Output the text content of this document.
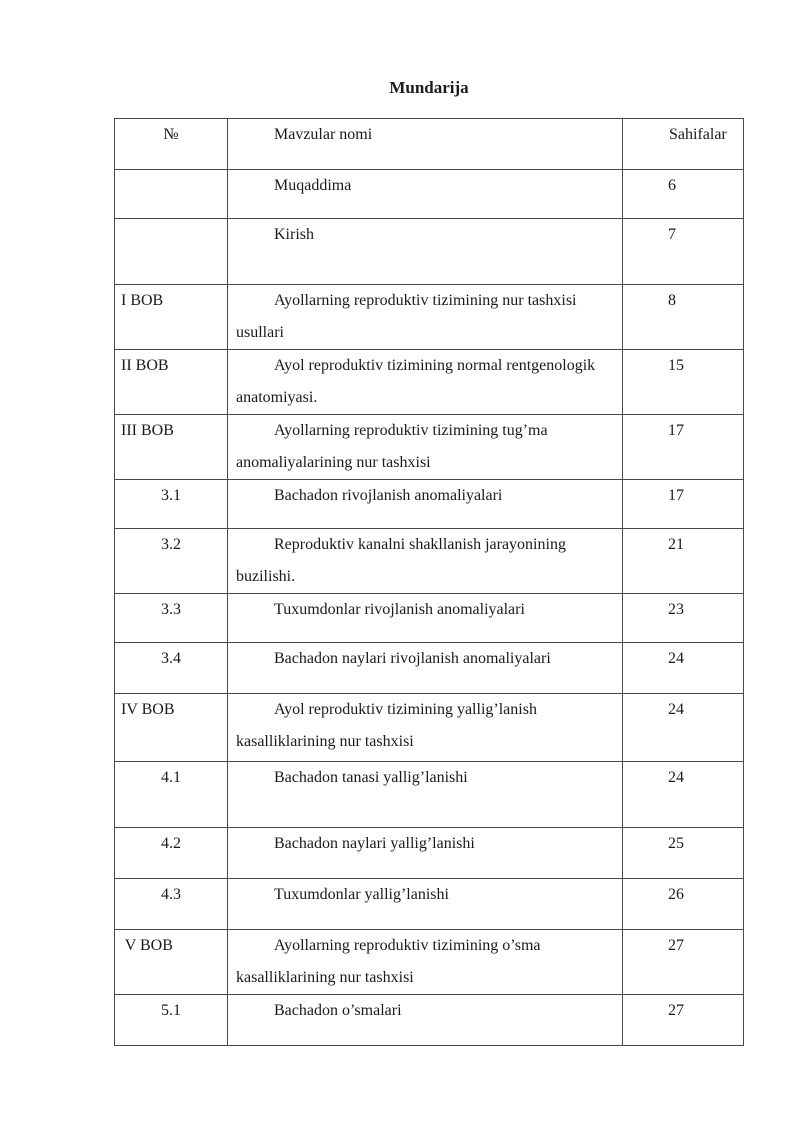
Mundarija
№	Mavzular nomi	Sahifalar

	Muqaddima	6

	Kirish	7
I BOB	Ayollarning reproduktiv tizimining nur tashxisi usullari	8
II BOB	Ayol reproduktiv tizimining normal rentgenologik anatomiyasi.	15
III BOB	Ayollarning reproduktiv tizimining tug’ma anomaliyalarining nur tashxisi	17
3.1	Bachadon rivojlanish anomaliyalari	17
3.2	Reproduktiv kanalni shakllanish jarayonining buzilishi.	21
3.3	Tuxumdonlar rivojlanish anomaliyalari	23
3.4	Bachadon naylari rivojlanish anomaliyalari	24
IV BOB	Ayol reproduktiv tizimining yallig’lanish kasalliklarining nur tashxisi	24
4.1	Bachadon tanasi yallig’lanishi	24
4.2	Bachadon naylari yallig’lanishi	25
4.3	Tuxumdonlar yallig’lanishi	26
V BOB	Ayollarning reproduktiv tizimining o’sma kasalliklarining nur tashxisi	27
5.1	Bachadon o’smalari	27
